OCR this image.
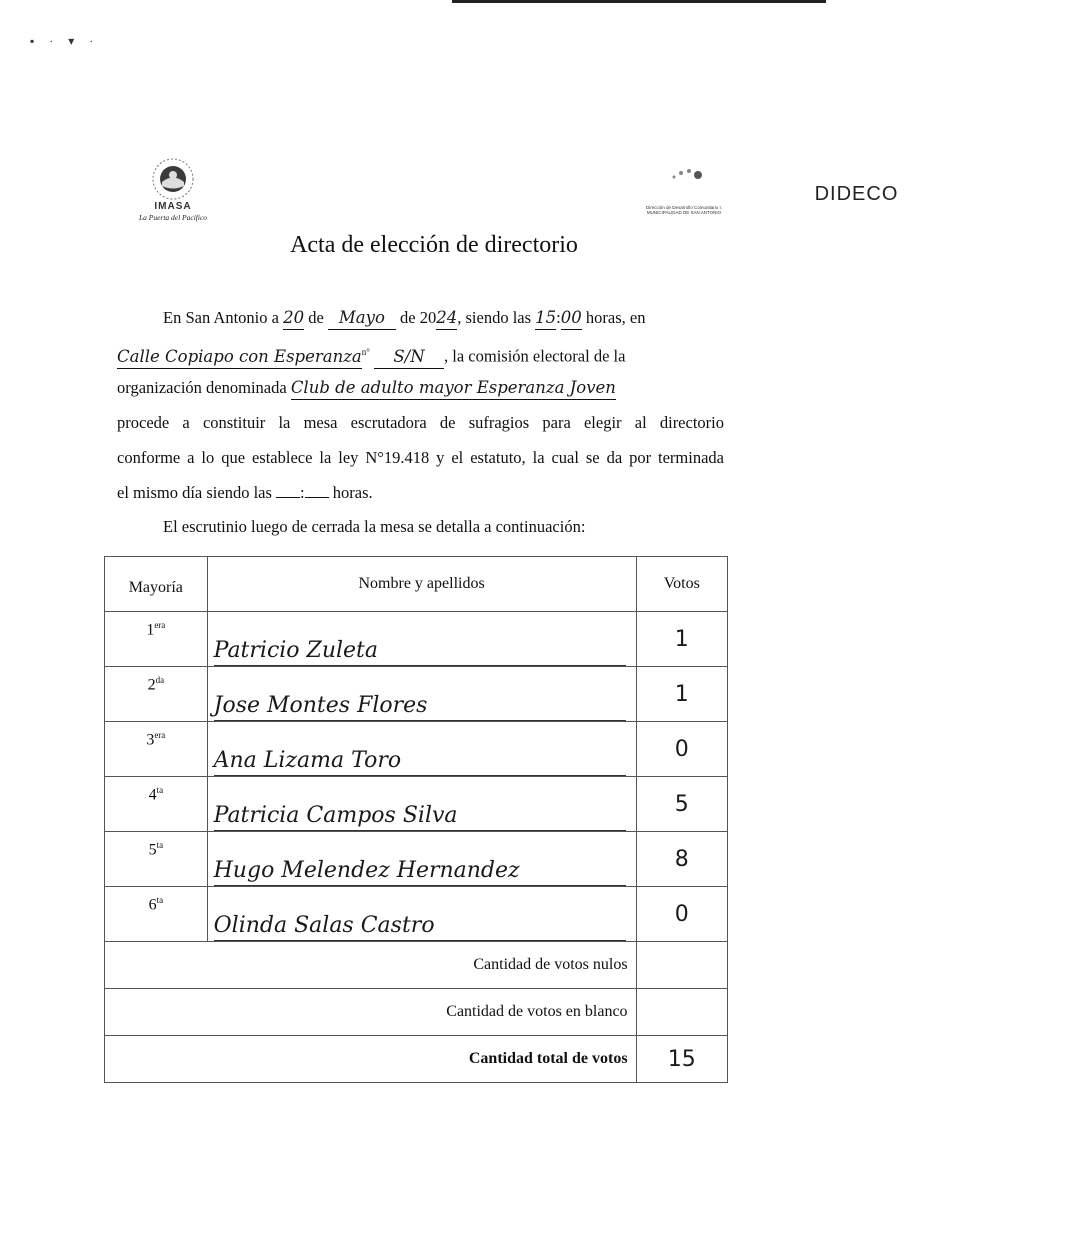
▪ · ▾ ·
IMASA
La Puerta del Pacífico
DIDECO
Dirección de Desarrollo Comunitario I. MUNICIPALIDAD DE SAN ANTONIO
Acta de elección de directorio
En San Antonio a 20 de Mayo de 2024, siendo las 15:00 horas, en
Calle Copiapo con Esperanza$^{n^\circ}$ S/N , la comisión electoral de la
organización denominada Club de adulto mayor Esperanza Joven
procede a constituir la mesa escrutadora de sufragios para elegir al directorio
conforme a lo que establece la ley N°19.418 y el estatuto, la cual se da por terminada
el mismo día siendo las : horas.
El escrutinio luego de cerrada la mesa se detalla a continuación:
Mayoría	Nombre y apellidos	Votos
$1^{era}$	Patricio Zuleta	1
$2^{da}$	Jose Montes Flores	1
$3^{era}$	Ana Lizama Toro	0
$4^{ta}$	Patricia Campos Silva	5
$5^{ta}$	Hugo Melendez Hernandez	8
$6^{ta}$	Olinda Salas Castro	0
Cantidad de votos nulos		
Cantidad de votos en blanco		
Cantidad total de votos		15
